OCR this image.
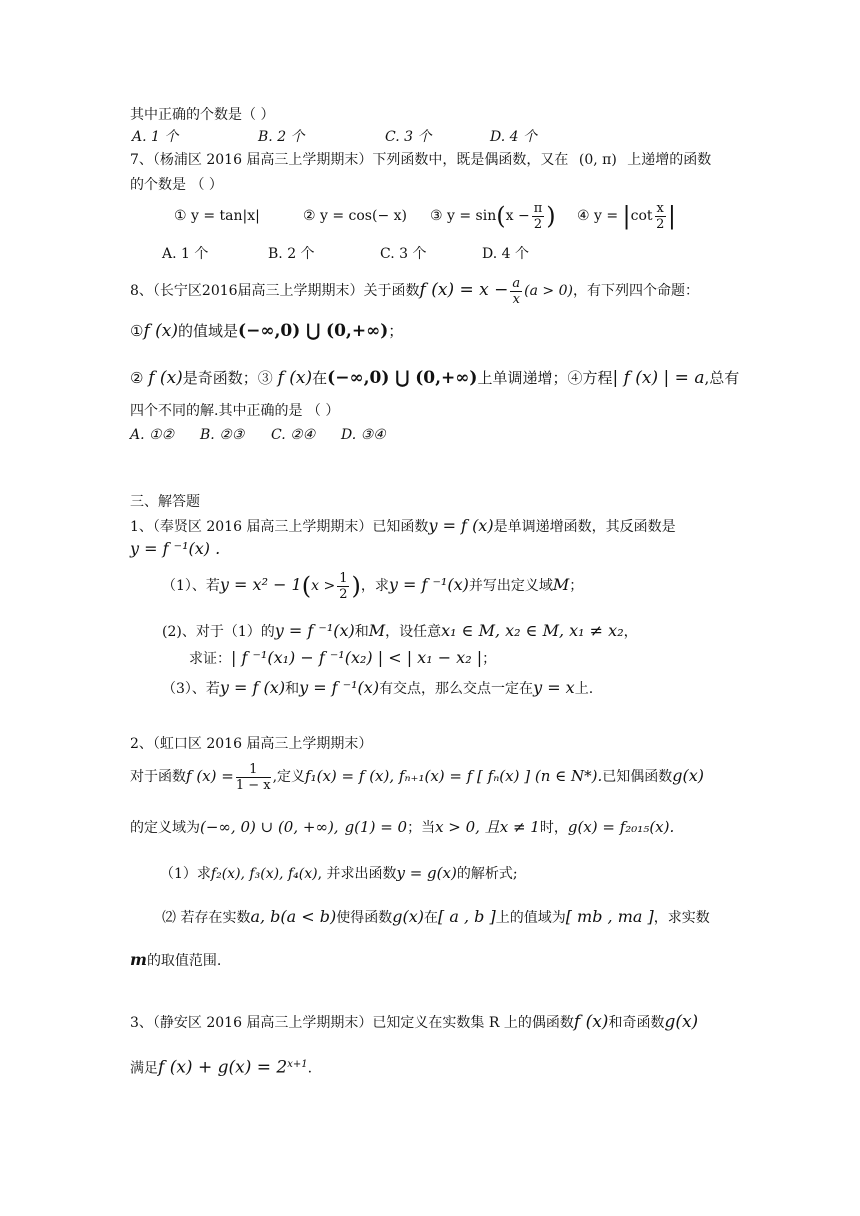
其中正确的个数是（ ）
A. 1 个	B. 2 个	C. 3 个	D. 4 个
7、（杨浦区 2016 届高三上学期期末）下列函数中，既是偶函数，又在 (0, π) 上递增的函数
的个数是 （ ）
① y = tan|x|	② y = cos(− x) ③ $y = \sin(x - \frac{\pi}{2}$ ) ④ $y = |\cot \frac{x}{2}$ |
A. 1 个	B. 2 个	C. 3 个	D. 4 个
8、（长宁区2016届高三上学期期末）关于函数f $(x) = x - \frac{a}{x} (a > 0)$，有下列四个命题：
①f (x)的值域是(−∞,0) ⋃ (0,+∞)；
② f (x)是奇函数；③ f (x)在(−∞,0) ⋃ (0,+∞)上单调递增；④方程| f (x) | = a,总有
四个不同的解.其中正确的是 （ ）
A. ①② B. ②③ C. ②④ D. ③④
三、解答题
1、（奉贤区 2016 届高三上学期期末）已知函数y = f (x)是单调递增函数，其反函数是
y = f ⁻¹(x) .
（1）、若$y = x^2 - 1(x > \frac{1}{2}$ )，求y = f ⁻¹(x)并写出定义域M；
(2)、对于（1）的y = f ⁻¹(x)和M，设任意x₁ ∈ M, x₂ ∈ M, x₁ ≠ x₂，
求证：| f ⁻¹(x₁) − f ⁻¹(x₂) | < | x₁ − x₂ |；
（3）、若y = f (x)和y = f ⁻¹(x)有交点，那么交点一定在y = x上.
2、（虹口区 2016 届高三上学期期末）
对于函数f $(x) = \frac{1}{1 - x}$ ,定义f₁(x) = f (x), fₙ₊₁(x) = f [ fₙ(x) ] (n ∈ N*).已知偶函数g(x)
的定义域为(−∞, 0) ∪ (0, +∞), g(1) = 0；当x > 0, 且x ≠ 1时，g(x) = f₂₀₁₅(x).
（1）求f₂(x), f₃(x), f₄(x), 并求出函数y = g(x)的解析式;
⑵ 若存在实数a, b(a < b)使得函数g(x)在[ a , b ]上的值域为[ mb , ma ]，求实数
m的取值范围.
3、（静安区 2016 届高三上学期期末）已知定义在实数集 R 上的偶函数f (x)和奇函数g(x)
满足f $(x) + g(x) = 2^{x+1}$.
